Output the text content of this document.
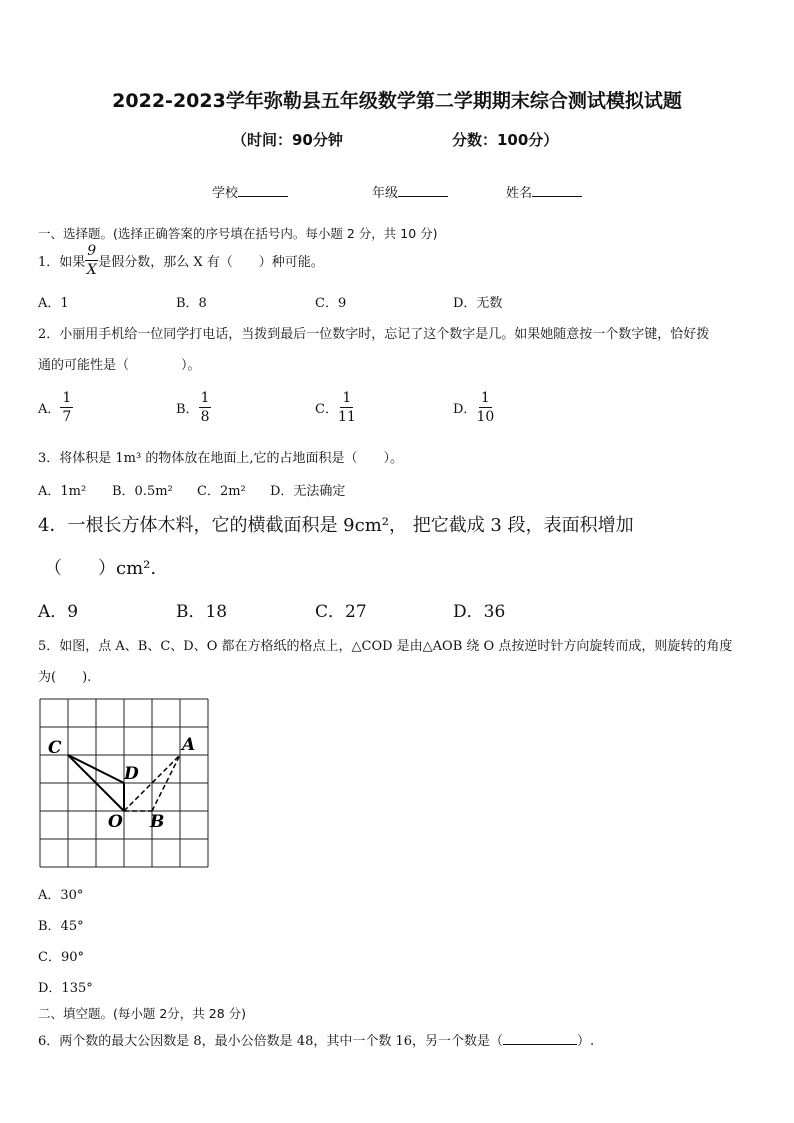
2022-2023学年弥勒县五年级数学第二学期期末综合测试模拟试题
（时间：90分钟	分数：100分）
学校	年级	姓名
一、选择题。(选择正确答案的序号填在括号内。每小题 2 分，共 10 分)
1．如果 $\frac{9}{X}$ 是假分数，那么 X 有（　　）种可能。
A．1	B．8	C．9	D．无数
2．小丽用手机给一位同学打电话，当拨到最后一位数字时，忘记了这个数字是几。如果她随意按一个数字键，恰好拨
通的可能性是（　　　　）。
A． $\frac{1}{7}$	B． $\frac{1}{8}$	C． $\frac{1}{11}$	D． $\frac{1}{10}$
3．将体积是 1m³ 的物体放在地面上,它的占地面积是（　　）。
A．1m² B．0.5m² C．2m² D．无法确定
4．一根长方体木料，它的横截面积是 9cm²， 把它截成 3 段，表面积增加
（　　）cm².
A．9	B．18	C．27	D．36
5．如图，点 A、B、C、D、O 都在方格纸的格点上，△COD 是由△AOB 绕 O 点按逆时针方向旋转而成，则旋转的角度
为(　　).
C
D
A
O B
A．30°
B．45°
C．90°
D．135°
二、填空题。(每小题 2分，共 28 分)
6．两个数的最大公因数是 8，最小公倍数是 48，其中一个数 16，另一个数是（	）.
